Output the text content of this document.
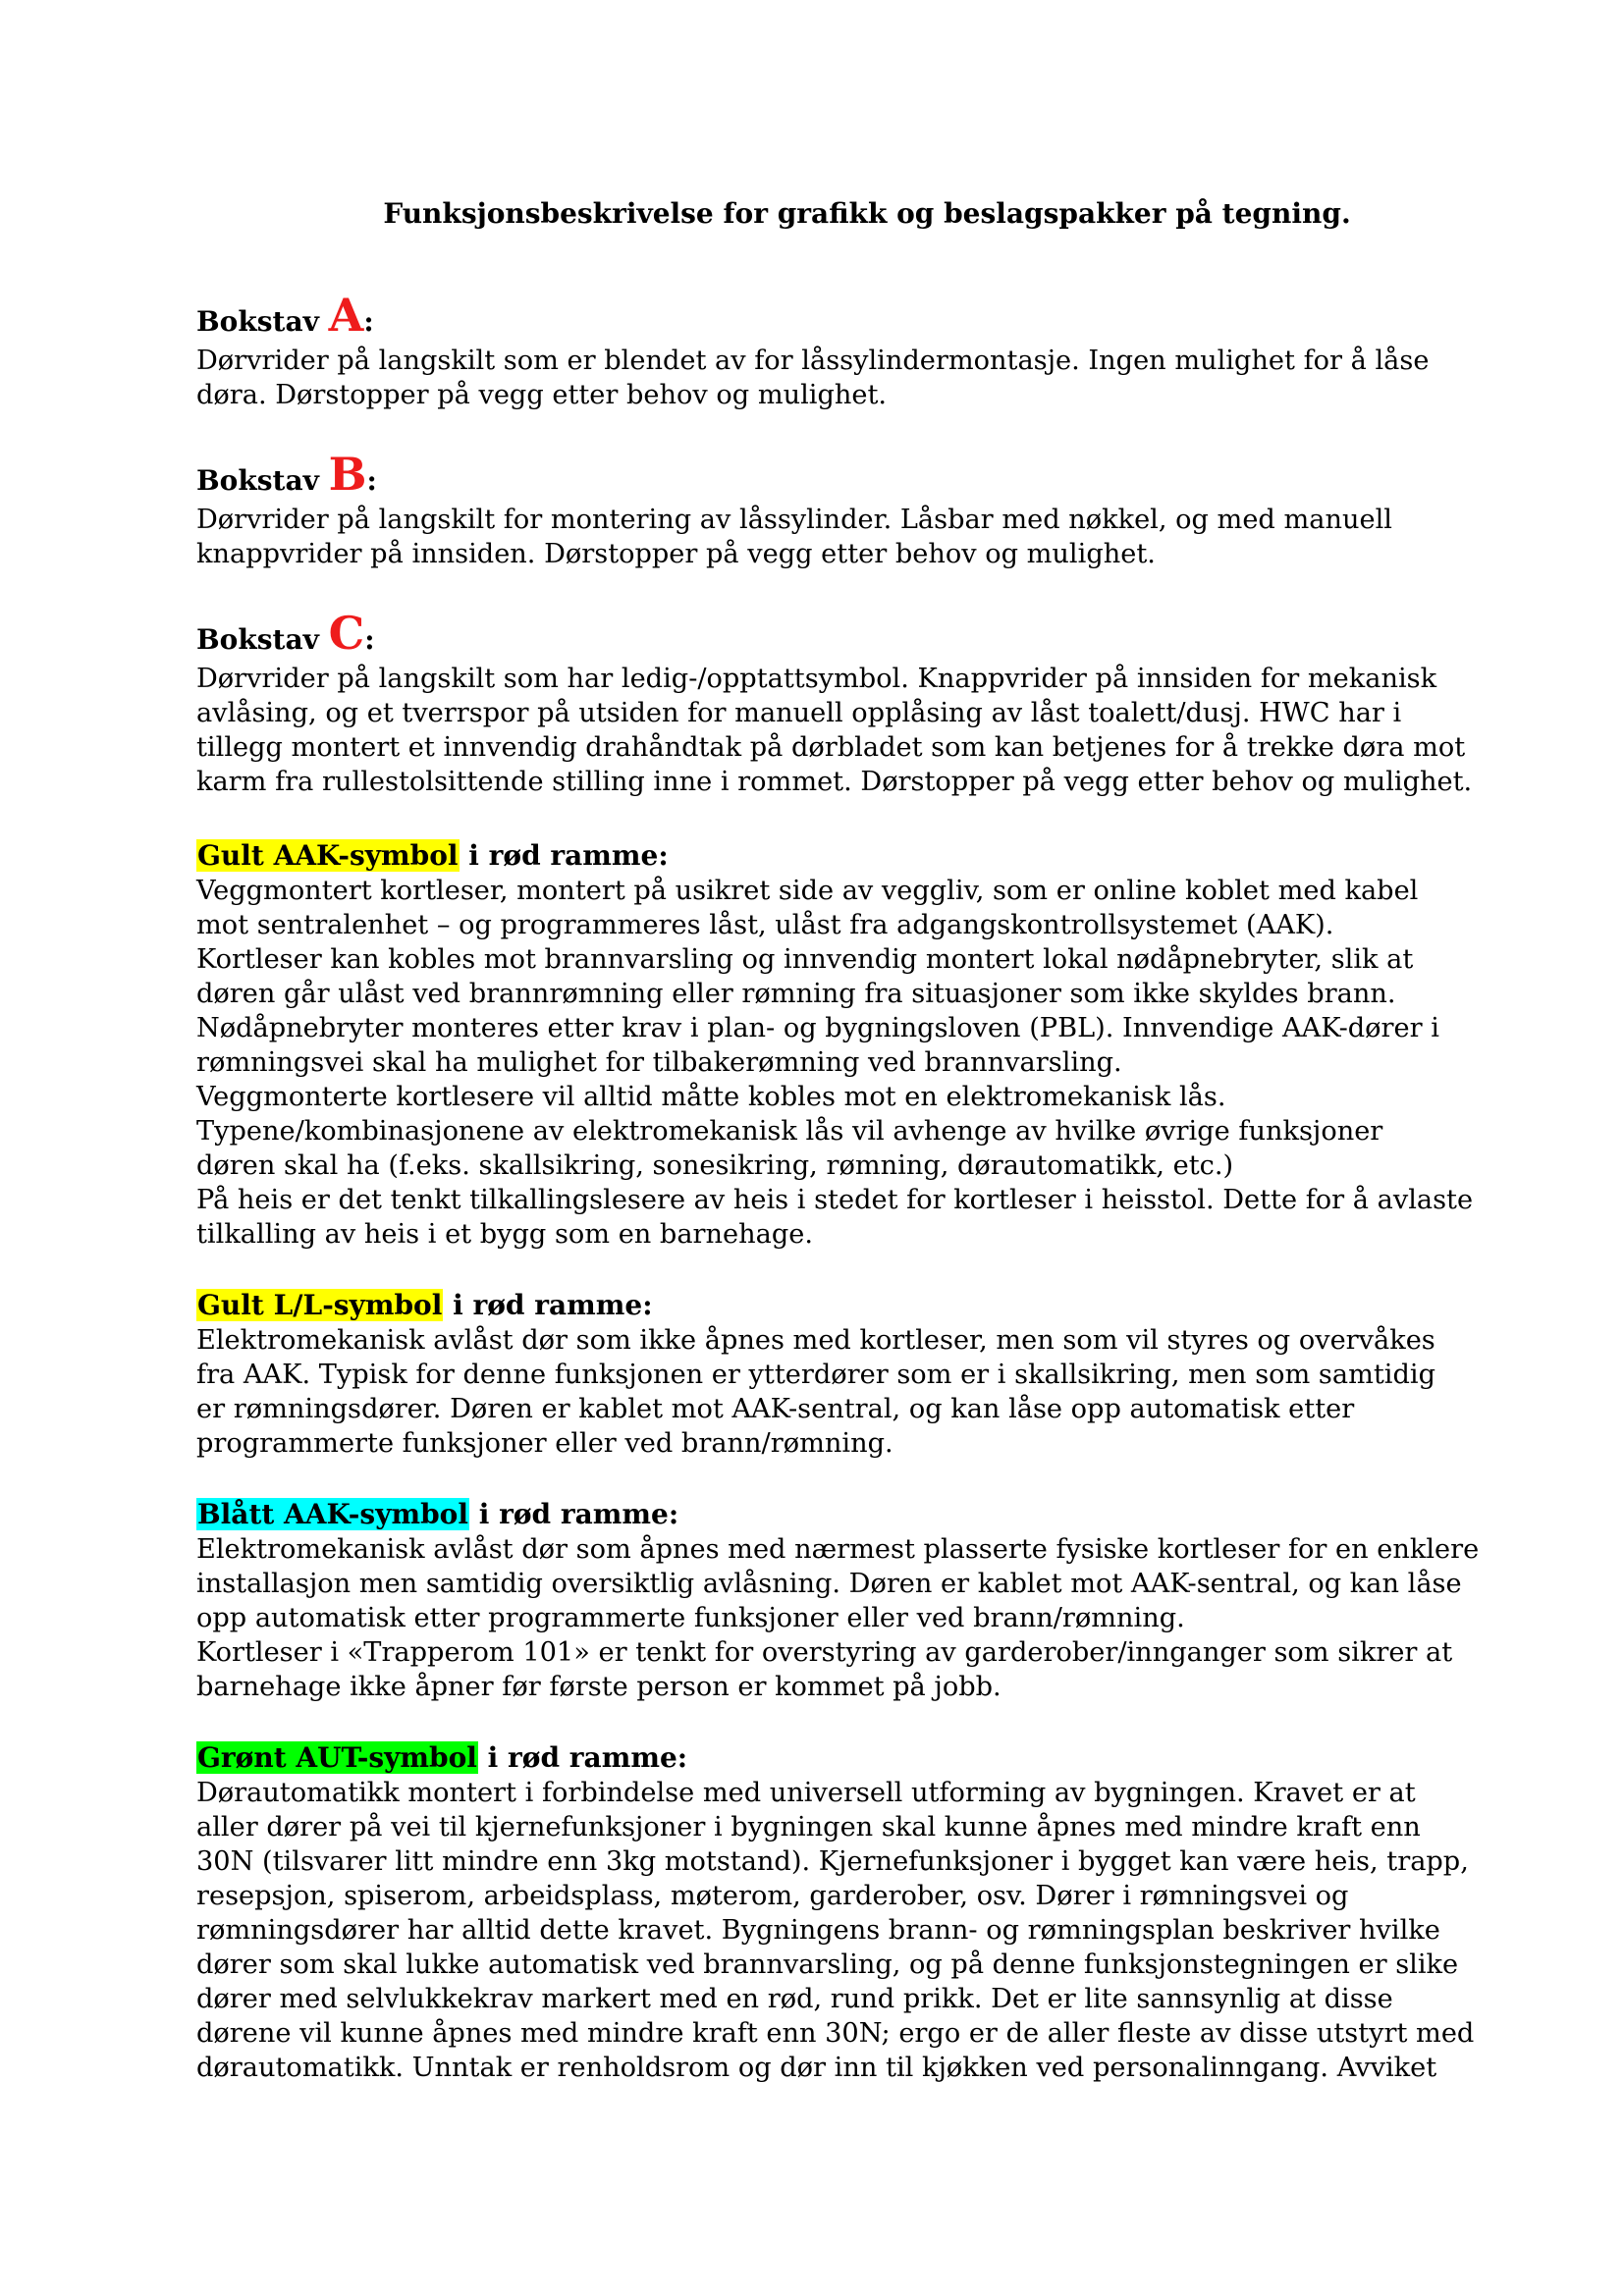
Funksjonsbeskrivelse for grafikk og beslagspakker på tegning.
Bokstav A:
Dørvrider på langskilt som er blendet av for låssylindermontasje. Ingen mulighet for å låse
døra. Dørstopper på vegg etter behov og mulighet.
Bokstav B:
Dørvrider på langskilt for montering av låssylinder. Låsbar med nøkkel, og med manuell
knappvrider på innsiden. Dørstopper på vegg etter behov og mulighet.
Bokstav C:
Dørvrider på langskilt som har ledig-/opptattsymbol. Knappvrider på innsiden for mekanisk
avlåsing, og et tverrspor på utsiden for manuell opplåsing av låst toalett/dusj. HWC har i
tillegg montert et innvendig drahåndtak på dørbladet som kan betjenes for å trekke døra mot
karm fra rullestolsittende stilling inne i rommet. Dørstopper på vegg etter behov og mulighet.
Gult AAK-symbol i rød ramme:
Veggmontert kortleser, montert på usikret side av veggliv, som er online koblet med kabel
mot sentralenhet – og programmeres låst, ulåst fra adgangskontrollsystemet (AAK).
Kortleser kan kobles mot brannvarsling og innvendig montert lokal nødåpnebryter, slik at
døren går ulåst ved brannrømning eller rømning fra situasjoner som ikke skyldes brann.
Nødåpnebryter monteres etter krav i plan- og bygningsloven (PBL). Innvendige AAK-dører i
rømningsvei skal ha mulighet for tilbakerømning ved brannvarsling.
Veggmonterte kortlesere vil alltid måtte kobles mot en elektromekanisk lås.
Typene/kombinasjonene av elektromekanisk lås vil avhenge av hvilke øvrige funksjoner
døren skal ha (f.eks. skallsikring, sonesikring, rømning, dørautomatikk, etc.)
På heis er det tenkt tilkallingslesere av heis i stedet for kortleser i heisstol. Dette for å avlaste
tilkalling av heis i et bygg som en barnehage.
Gult L/L-symbol i rød ramme:
Elektromekanisk avlåst dør som ikke åpnes med kortleser, men som vil styres og overvåkes
fra AAK. Typisk for denne funksjonen er ytterdører som er i skallsikring, men som samtidig
er rømningsdører. Døren er kablet mot AAK-sentral, og kan låse opp automatisk etter
programmerte funksjoner eller ved brann/rømning.
Blått AAK-symbol i rød ramme:
Elektromekanisk avlåst dør som åpnes med nærmest plasserte fysiske kortleser for en enklere
installasjon men samtidig oversiktlig avlåsning. Døren er kablet mot AAK-sentral, og kan låse
opp automatisk etter programmerte funksjoner eller ved brann/rømning.
Kortleser i «Trapperom 101» er tenkt for overstyring av garderober/innganger som sikrer at
barnehage ikke åpner før første person er kommet på jobb.
Grønt AUT-symbol i rød ramme:
Dørautomatikk montert i forbindelse med universell utforming av bygningen. Kravet er at
aller dører på vei til kjernefunksjoner i bygningen skal kunne åpnes med mindre kraft enn
30N (tilsvarer litt mindre enn 3kg motstand). Kjernefunksjoner i bygget kan være heis, trapp,
resepsjon, spiserom, arbeidsplass, møterom, garderober, osv. Dører i rømningsvei og
rømningsdører har alltid dette kravet. Bygningens brann- og rømningsplan beskriver hvilke
dører som skal lukke automatisk ved brannvarsling, og på denne funksjonstegningen er slike
dører med selvlukkekrav markert med en rød, rund prikk. Det er lite sannsynlig at disse
dørene vil kunne åpnes med mindre kraft enn 30N; ergo er de aller fleste av disse utstyrt med
dørautomatikk. Unntak er renholdsrom og dør inn til kjøkken ved personalinngang. Avviket
